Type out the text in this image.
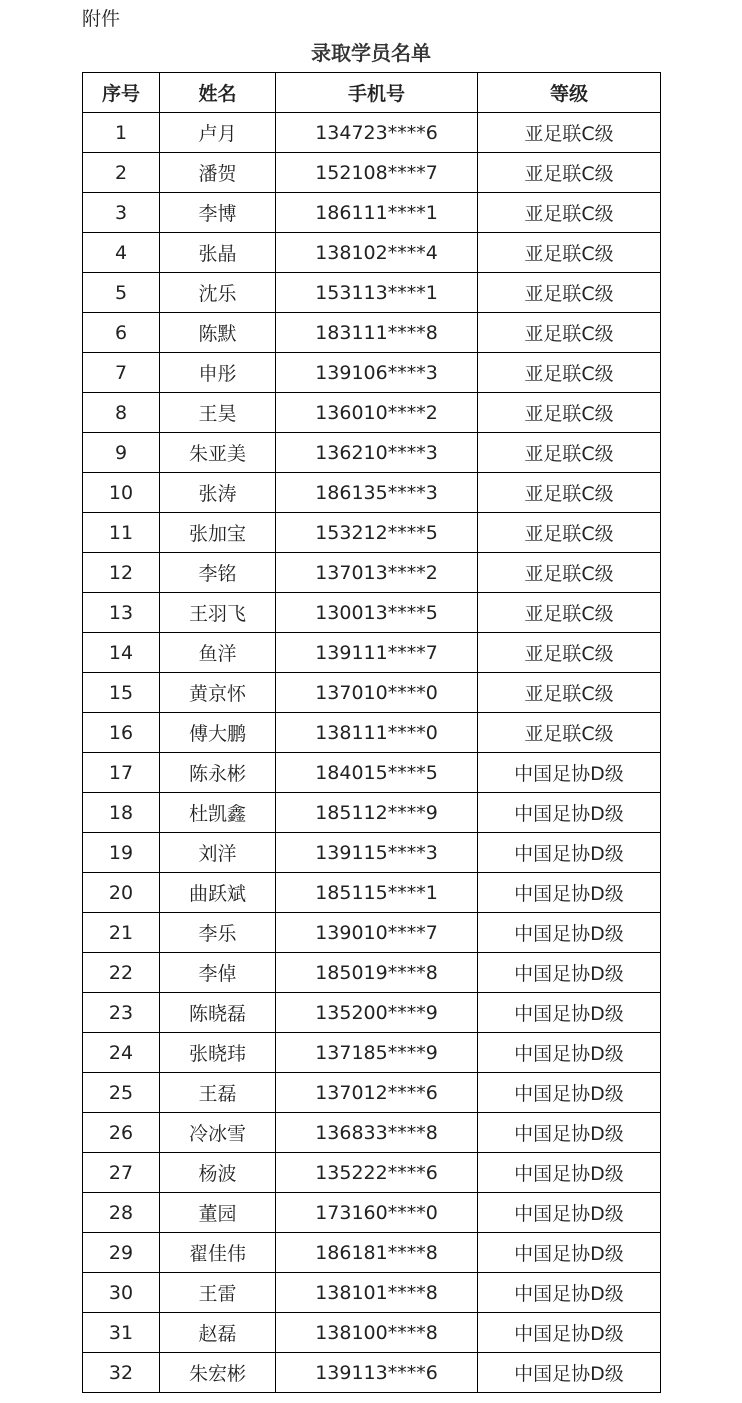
附件
录取学员名单
序号	姓名	手机号	等级
1	卢月	134723****6	亚足联C级
2	潘贺	152108****7	亚足联C级
3	李博	186111****1	亚足联C级
4	张晶	138102****4	亚足联C级
5	沈乐	153113****1	亚足联C级
6	陈默	183111****8	亚足联C级
7	申彤	139106****3	亚足联C级
8	王昊	136010****2	亚足联C级
9	朱亚美	136210****3	亚足联C级
10	张涛	186135****3	亚足联C级
11	张加宝	153212****5	亚足联C级
12	李铭	137013****2	亚足联C级
13	王羽飞	130013****5	亚足联C级
14	鱼洋	139111****7	亚足联C级
15	黄京怀	137010****0	亚足联C级
16	傅大鹏	138111****0	亚足联C级
17	陈永彬	184015****5	中国足协D级
18	杜凯鑫	185112****9	中国足协D级
19	刘洋	139115****3	中国足协D级
20	曲跃斌	185115****1	中国足协D级
21	李乐	139010****7	中国足协D级
22	李倬	185019****8	中国足协D级
23	陈晓磊	135200****9	中国足协D级
24	张晓玮	137185****9	中国足协D级
25	王磊	137012****6	中国足协D级
26	冷冰雪	136833****8	中国足协D级
27	杨波	135222****6	中国足协D级
28	董园	173160****0	中国足协D级
29	翟佳伟	186181****8	中国足协D级
30	王雷	138101****8	中国足协D级
31	赵磊	138100****8	中国足协D级
32	朱宏彬	139113****6	中国足协D级
